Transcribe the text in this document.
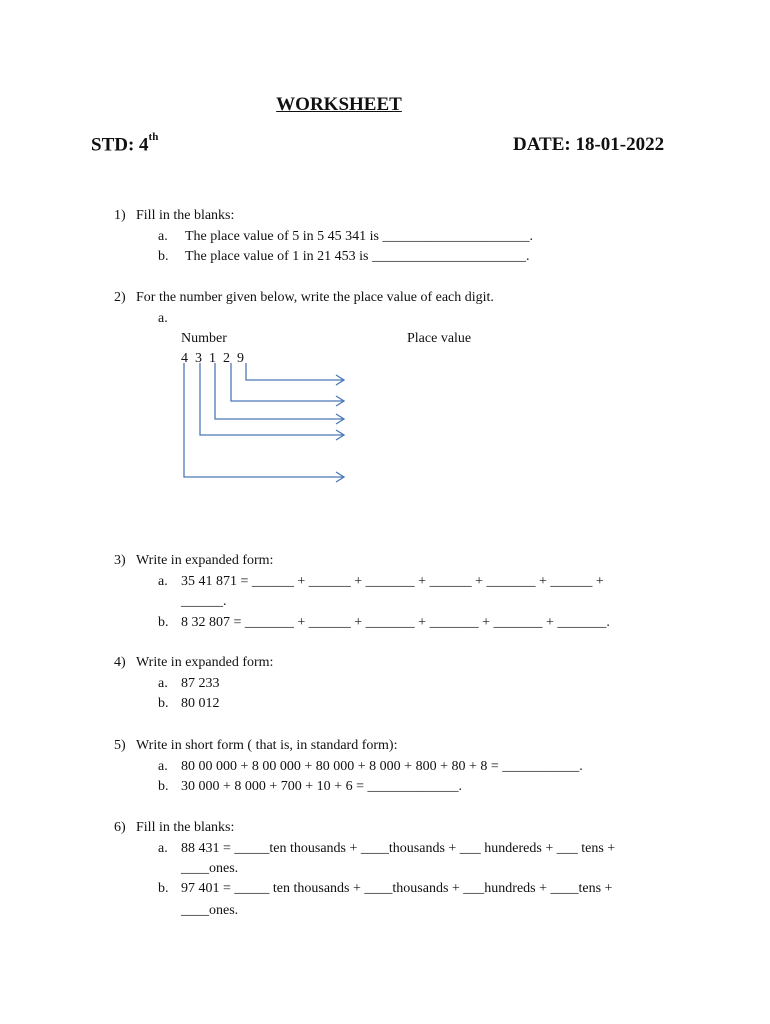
WORKSHEET
STD: 4th	DATE: 18-01-2022
1) Fill in the blanks:
a. The place value of 5 in 5 45 341 is _____________________.
b. The place value of 1 in 21 453 is ______________________.
2) For the number given below, write the place value of each digit.
a.
Number	Place value
4  3  1  2  9
3) Write in expanded form:
a. 35 41 871 = ______ + ______ + _______ + ______ + _______ + ______ +
______.
b. 8 32 807 = _______ + ______ + _______ + _______ + _______ + _______.
4) Write in expanded form:
a. 87 233
b. 80 012
5) Write in short form ( that is, in standard form):
a. 80 00 000 + 8 00 000 + 80 000 + 8 000 + 800 + 80 + 8 = ___________.
b. 30 000 + 8 000 + 700 + 10 + 6 = _____________.
6) Fill in the blanks:
a. 88 431 = _____ten thousands + ____thousands + ___ hundereds + ___ tens +
____ones.
b. 97 401 = _____ ten thousands + ____thousands + ___hundreds + ____tens +
____ones.
